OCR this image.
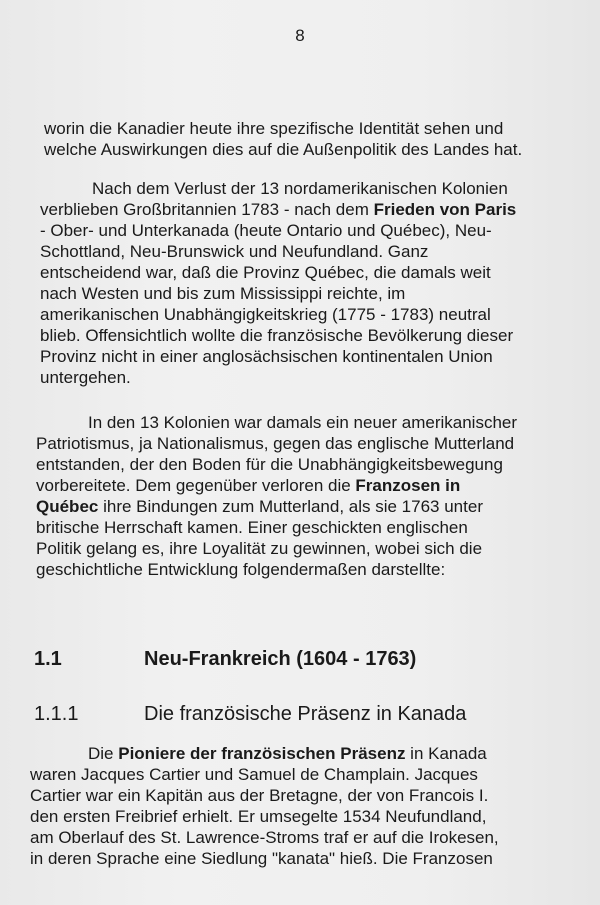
8
worin die Kanadier heute ihre spezifische Identität sehen und
welche Auswirkungen dies auf die Außenpolitik des Landes hat.
Nach dem Verlust der 13 nordamerikanischen Kolonien
verblieben Großbritannien 1783 - nach dem Frieden von Paris
- Ober- und Unterkanada (heute Ontario und Québec), Neu-
Schottland, Neu-Brunswick und Neufundland. Ganz
entscheidend war, daß die Provinz Québec, die damals weit
nach Westen und bis zum Mississippi reichte, im
amerikanischen Unabhängigkeitskrieg (1775 - 1783) neutral
blieb. Offensichtlich wollte die französische Bevölkerung dieser
Provinz nicht in einer anglosächsischen kontinentalen Union
untergehen.
In den 13 Kolonien war damals ein neuer amerikanischer
Patriotismus, ja Nationalismus, gegen das englische Mutterland
entstanden, der den Boden für die Unabhängigkeitsbewegung
vorbereitete. Dem gegenüber verloren die Franzosen in
Québec ihre Bindungen zum Mutterland, als sie 1763 unter
britische Herrschaft kamen. Einer geschickten englischen
Politik gelang es, ihre Loyalität zu gewinnen, wobei sich die
geschichtliche Entwicklung folgendermaßen darstellte:
1.1	Neu-Frankreich (1604 - 1763)
1.1.1	Die französische Präsenz in Kanada
Die Pioniere der französischen Präsenz in Kanada
waren Jacques Cartier und Samuel de Champlain. Jacques
Cartier war ein Kapitän aus der Bretagne, der von Francois I.
den ersten Freibrief erhielt. Er umsegelte 1534 Neufundland,
am Oberlauf des St. Lawrence-Stroms traf er auf die Irokesen,
in deren Sprache eine Siedlung "kanata" hieß. Die Franzosen
